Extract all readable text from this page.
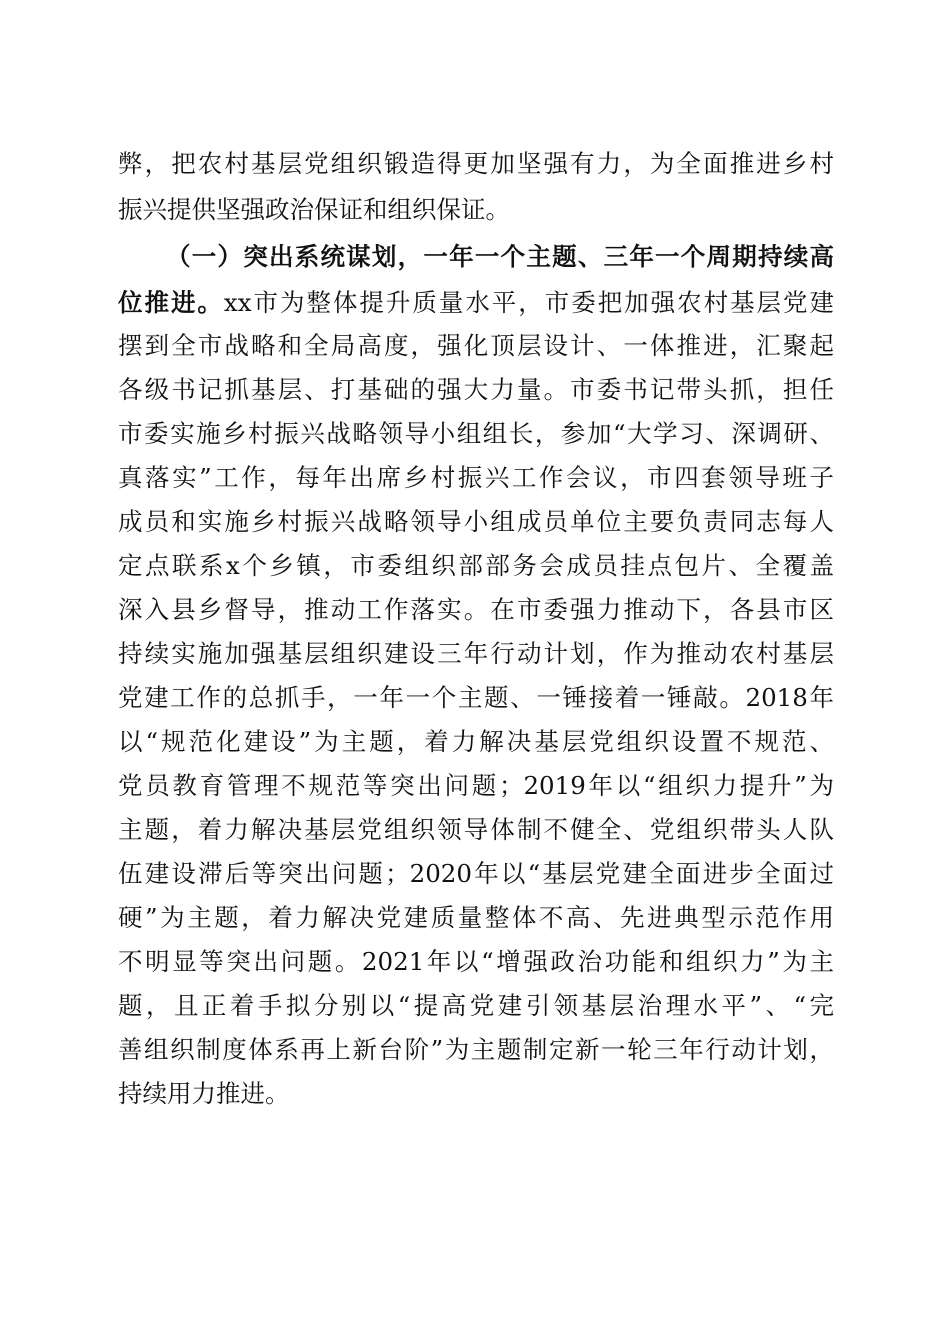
弊，把农村基层党组织锻造得更加坚强有力，为全面推进乡村
振兴提供坚强政治保证和组织保证。
（一）突出系统谋划，一年一个主题、三年一个周期持续高
位推进。xx市为整体提升质量水平，市委把加强农村基层党建
摆到全市战略和全局高度，强化顶层设计、一体推进，汇聚起
各级书记抓基层、打基础的强大力量。市委书记带头抓，担任
市委实施乡村振兴战略领导小组组长，参加“大学习、深调研、
真落实”工作，每年出席乡村振兴工作会议，市四套领导班子
成员和实施乡村振兴战略领导小组成员单位主要负责同志每人
定点联系x个乡镇，市委组织部部务会成员挂点包片、全覆盖
深入县乡督导，推动工作落实。在市委强力推动下，各县市区
持续实施加强基层组织建设三年行动计划，作为推动农村基层
党建工作的总抓手，一年一个主题、一锤接着一锤敲。2018年
以“规范化建设”为主题，着力解决基层党组织设置不规范、
党员教育管理不规范等突出问题；2019年以“组织力提升”为
主题，着力解决基层党组织领导体制不健全、党组织带头人队
伍建设滞后等突出问题；2020年以“基层党建全面进步全面过
硬”为主题，着力解决党建质量整体不高、先进典型示范作用
不明显等突出问题。2021年以“增强政治功能和组织力”为主
题，且正着手拟分别以“提高党建引领基层治理水平”、“完
善组织制度体系再上新台阶”为主题制定新一轮三年行动计划，
持续用力推进。
